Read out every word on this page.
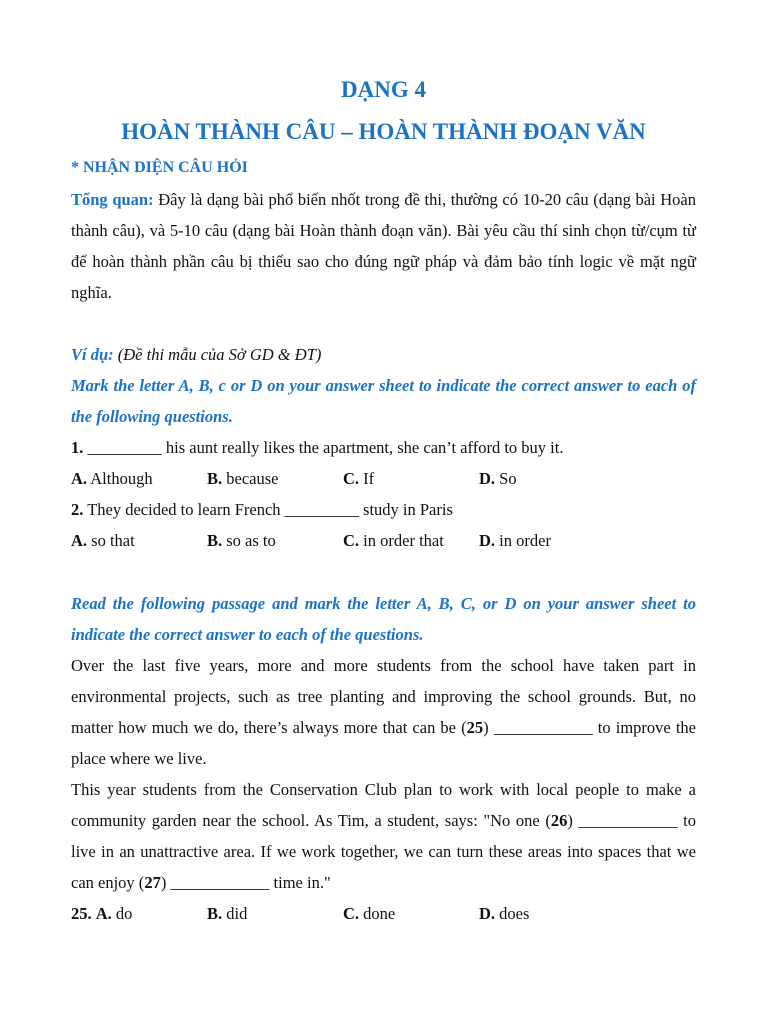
DẠNG 4
HOÀN THÀNH CÂU – HOÀN THÀNH ĐOẠN VĂN
* NHẬN DIỆN CÂU HỎI

Tổng quan: Đây là dạng bài phổ biến nhốt trong đề thi, thường có 10-20 câu (dạng bài Hoàn thành câu), và 5-10 câu (dạng bài Hoàn thành đoạn văn). Bài yêu cầu thí sinh chọn từ/cụm từ để hoàn thành phần câu bị thiếu sao cho đúng ngữ pháp và đảm bảo tính logic về mặt ngữ nghĩa.

Ví dụ: (Đề thi mẫu của Sở GD & ĐT)

Mark the letter A, B, c or D on your answer sheet to indicate the correct answer to each of the following questions.

1. _________ his aunt really likes the apartment, she can’t afford to buy it.

A. Although	B. because	C. If	D. So

2. They decided to learn French _________ study in Paris

A. so that	B. so as to	C. in order that	D. in order

Read the following passage and mark the letter A, B, C, or D on your answer sheet to indicate the correct answer to each of the questions.

Over the last five years, more and more students from the school have taken part in environmental projects, such as tree planting and improving the school grounds. But, no matter how much we do, there’s always more that can be (25) ____________ to improve the place where we live.

This year students from the Conservation Club plan to work with local people to make a community garden near the school. As Tim, a student, says: "No one (26) ____________ to live in an unattractive area. If we work together, we can turn these areas into spaces that we can enjoy (27) ____________ time in."

25. A. do	B. did	C. done	D. does
